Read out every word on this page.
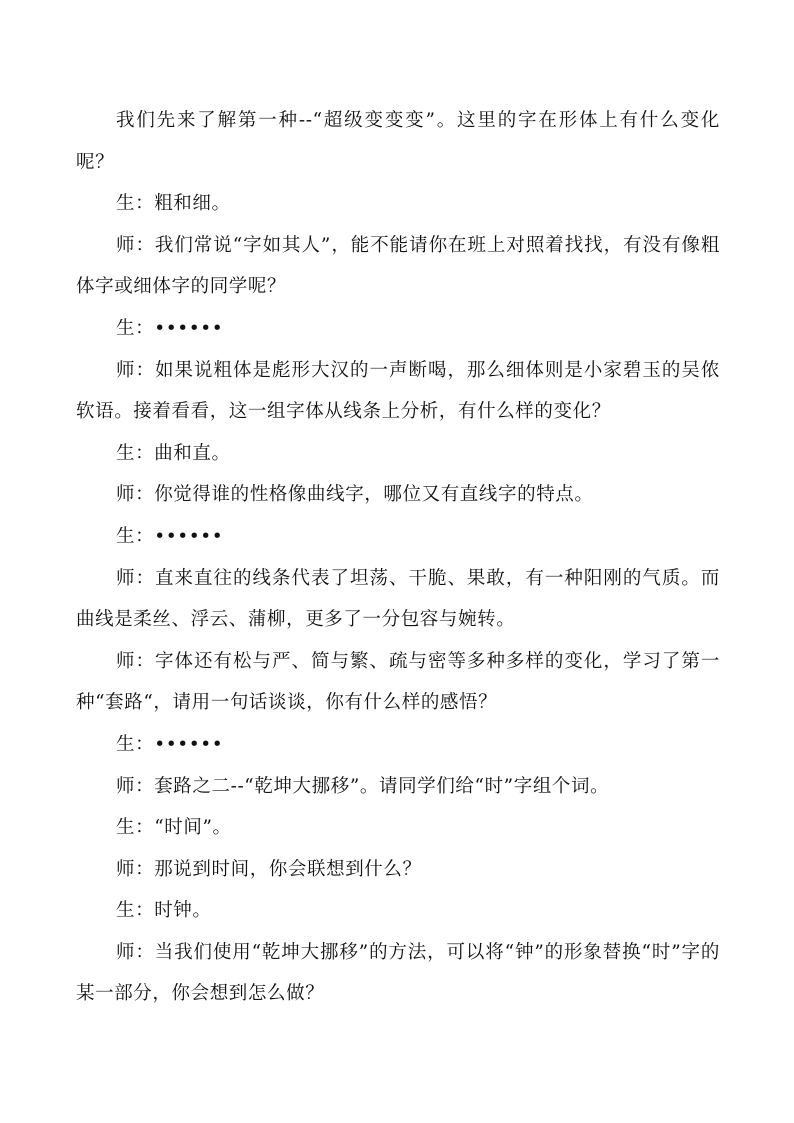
我们先来了解第一种--“超级变变变”。这里的字在形体上有什么变化呢？

生：粗和细。

师：我们常说“字如其人”，能不能请你在班上对照着找找，有没有像粗体字或细体字的同学呢？

生：••••••

师：如果说粗体是彪形大汉的一声断喝，那么细体则是小家碧玉的吴侬软语。接着看看，这一组字体从线条上分析，有什么样的变化？

生：曲和直。

师：你觉得谁的性格像曲线字，哪位又有直线字的特点。

生：••••••

师：直来直往的线条代表了坦荡、干脆、果敢，有一种阳刚的气质。而曲线是柔丝、浮云、蒲柳，更多了一分包容与婉转。

师：字体还有松与严、简与繁、疏与密等多种多样的变化，学习了第一种“套路“，请用一句话谈谈，你有什么样的感悟？

生：••••••

师：套路之二--“乾坤大挪移”。请同学们给“时”字组个词。

生：“时间”。

师：那说到时间，你会联想到什么？

生：时钟。

师：当我们使用“乾坤大挪移”的方法，可以将“钟”的形象替换“时”字的某一部分，你会想到怎么做？
